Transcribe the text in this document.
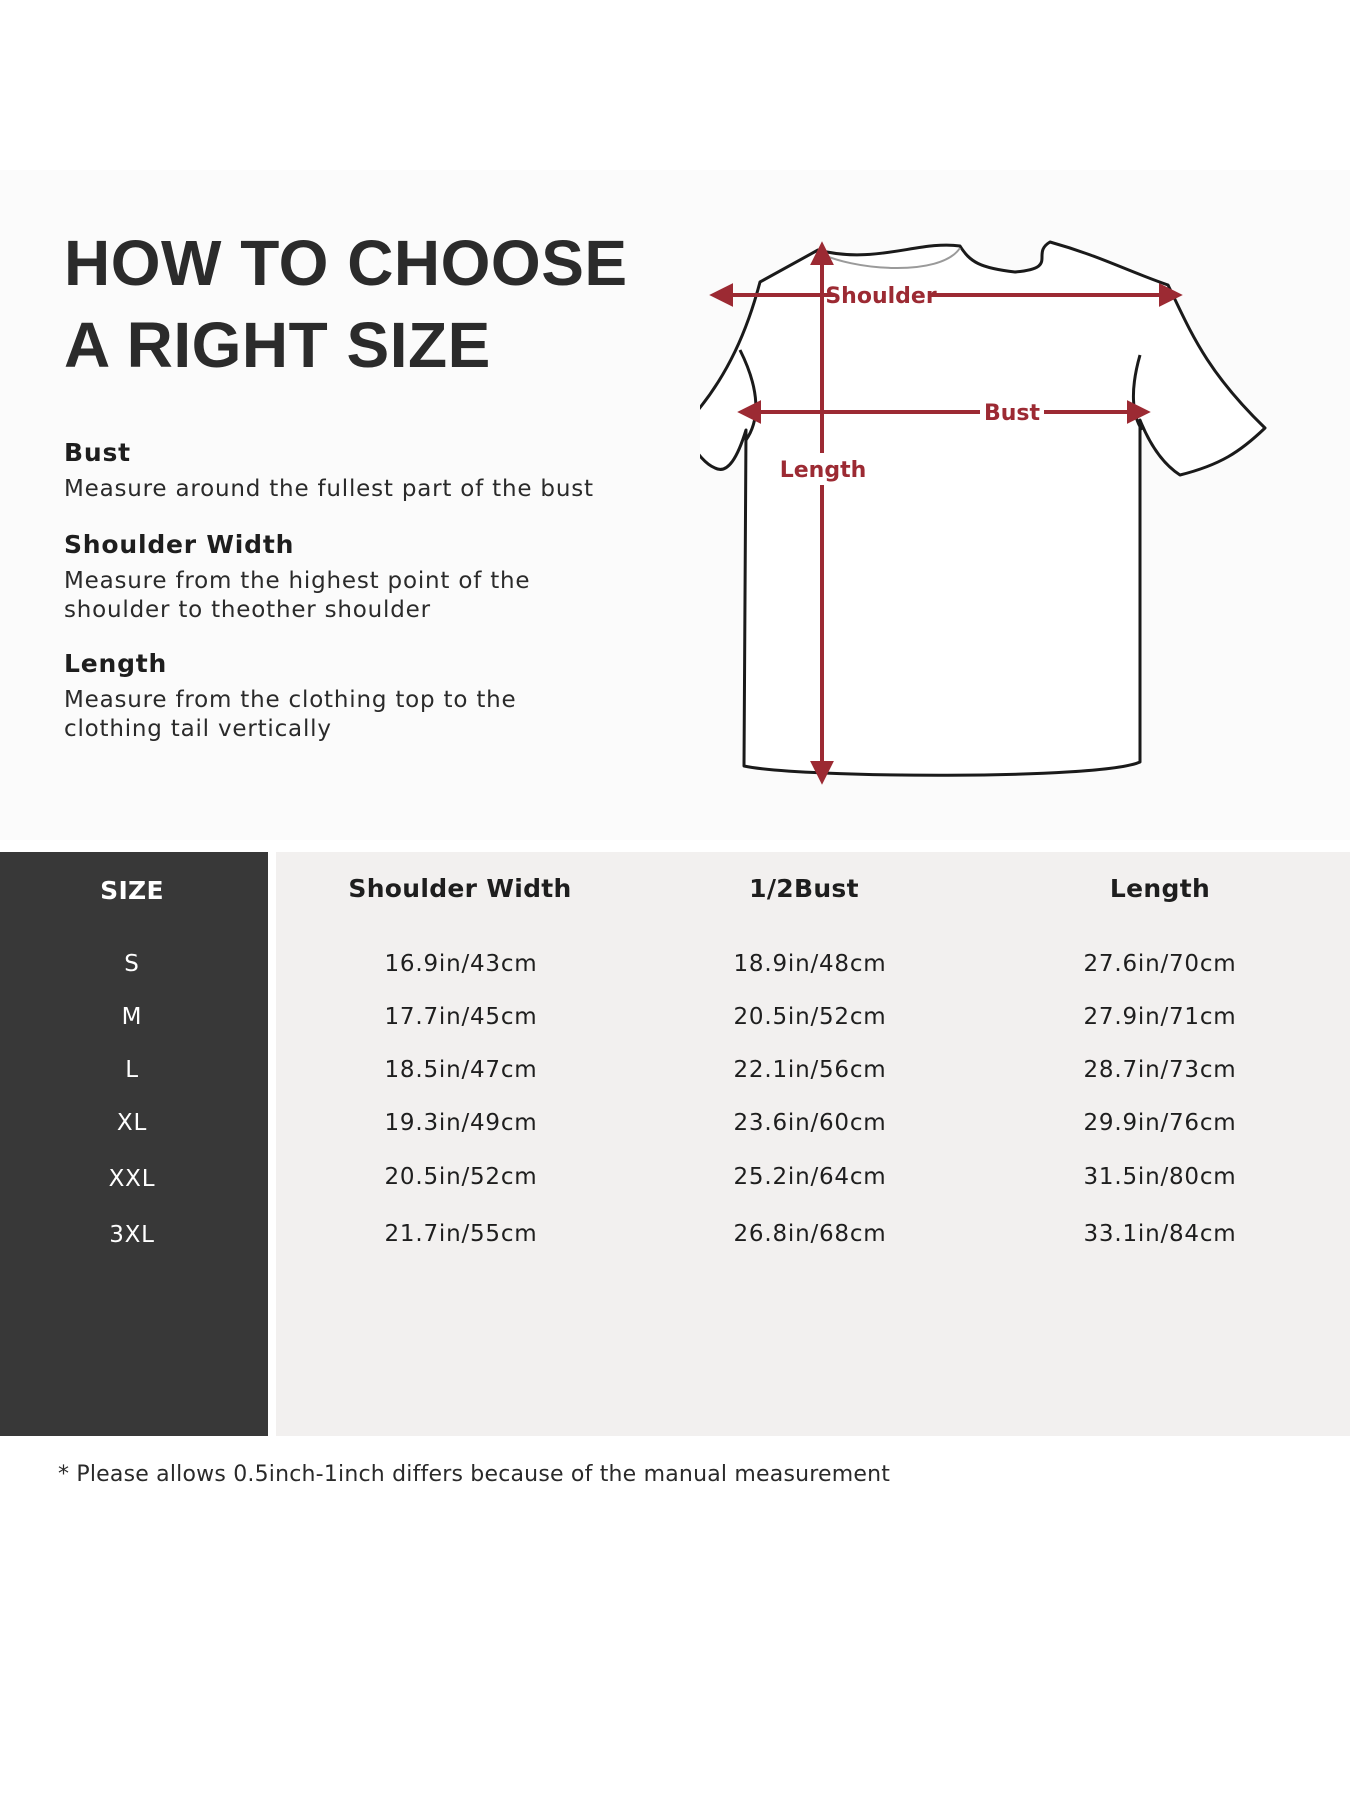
HOW TO CHOOSE
A RIGHT SIZE
Bust

Measure around the fullest part of the bust

Shoulder Width

Measure from the highest point of the

shoulder to theother shoulder

Length

Measure from the clothing top to the

clothing tail vertically

Shoulder
Bust
Length
SIZE	Shoulder Width	1/2Bust	Length
S	16.9in/43cm	18.9in/48cm	27.6in/70cm
M	17.7in/45cm	20.5in/52cm	27.9in/71cm
L	18.5in/47cm	22.1in/56cm	28.7in/73cm
XL	19.3in/49cm	23.6in/60cm	29.9in/76cm
XXL	20.5in/52cm	25.2in/64cm	31.5in/80cm
3XL	21.7in/55cm	26.8in/68cm	33.1in/84cm

* Please allows 0.5inch-1inch differs because of the manual measurement
